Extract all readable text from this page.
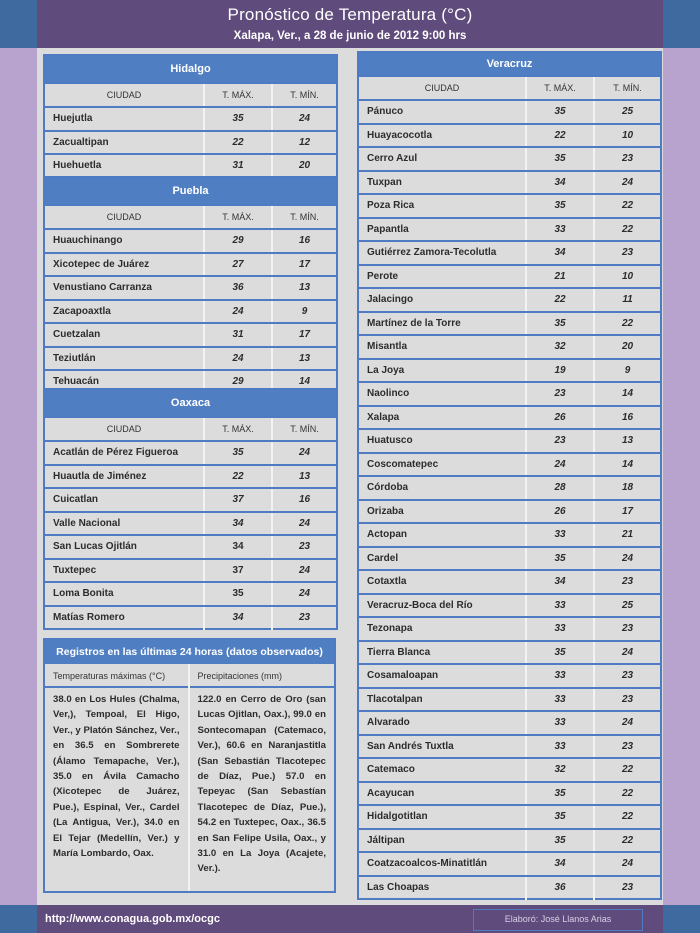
Pronóstico de Temperatura (°C)
Xalapa, Ver., a 28 de junio de 2012 9:00 hrs
Hidalgo		
CIUDAD	T. MÁX.	T. MÍN.
Huejutla	35	24
Zacualtipan	22	12
Huehuetla	31	20
Puebla		
CIUDAD	T. MÁX.	T. MÍN.
Huauchinango	29	16
Xicotepec de Juárez	27	17
Venustiano Carranza	36	13
Zacapoaxtla	24	9
Cuetzalan	31	17
Teziutlán	24	13
Tehuacán	29	14
Oaxaca		
CIUDAD	T. MÁX.	T. MÍN.
Acatlán de Pérez Figueroa	35	24
Huautla de Jiménez	22	13
Cuicatlan	37	16
Valle Nacional	34	24
San Lucas Ojitlán	34	23
Tuxtepec	37	24
Loma Bonita	35	24
Matías Romero	34	23
Registros en las últimas 24 horas (datos observados)
Temperaturas máximas (°C)
38.0 en Los Hules (Chalma, Ver,), Tempoal, El Higo, Ver., y Platón Sánchez, Ver., en 36.5 en Sombrerete (Álamo Temapache, Ver.), 35.0 en Ávila Camacho (Xicotepec de Juárez, Pue.), Espinal, Ver., Cardel (La Antigua, Ver.), 34.0 en El Tejar (Medellín, Ver.) y María Lombardo, Oax.
Precipitaciones (mm)
122.0 en Cerro de Oro (san Lucas Ojitlan, Oax.), 99.0 en Sontecomapan (Catemaco, Ver.), 60.6 en Naranjastitla (San Sebastián Tlacotepec de Díaz, Pue.) 57.0 en Tepeyac (San Sebastían Tlacotepec de Díaz, Pue.), 54.2 en Tuxtepec, Oax., 36.5 en San Felipe Usila, Oax., y 31.0 en La Joya (Acajete, Ver.).
Veracruz		
CIUDAD	T. MÁX.	T. MÍN.
Pánuco	35	25
Huayacocotla	22	10
Cerro Azul	35	23
Tuxpan	34	24
Poza Rica	35	22
Papantla	33	22
Gutiérrez Zamora-Tecolutla	34	23
Perote	21	10
Jalacingo	22	11
Martínez de la Torre	35	22
Misantla	32	20
La Joya	19	9
Naolinco	23	14
Xalapa	26	16
Huatusco	23	13
Coscomatepec	24	14
Córdoba	28	18
Orizaba	26	17
Actopan	33	21
Cardel	35	24
Cotaxtla	34	23
Veracruz-Boca del Río	33	25
Tezonapa	33	23
Tierra Blanca	35	24
Cosamaloapan	33	23
Tlacotalpan	33	23
Alvarado	33	24
San Andrés Tuxtla	33	23
Catemaco	32	22
Acayucan	35	22
Hidalgotitlan	35	22
Jáltipan	35	22
Coatzacoalcos-Minatitlán	34	24
Las Choapas	36	23
http://www.conagua.gob.mx/ocgc	Elaboró: José Llanos Arias
